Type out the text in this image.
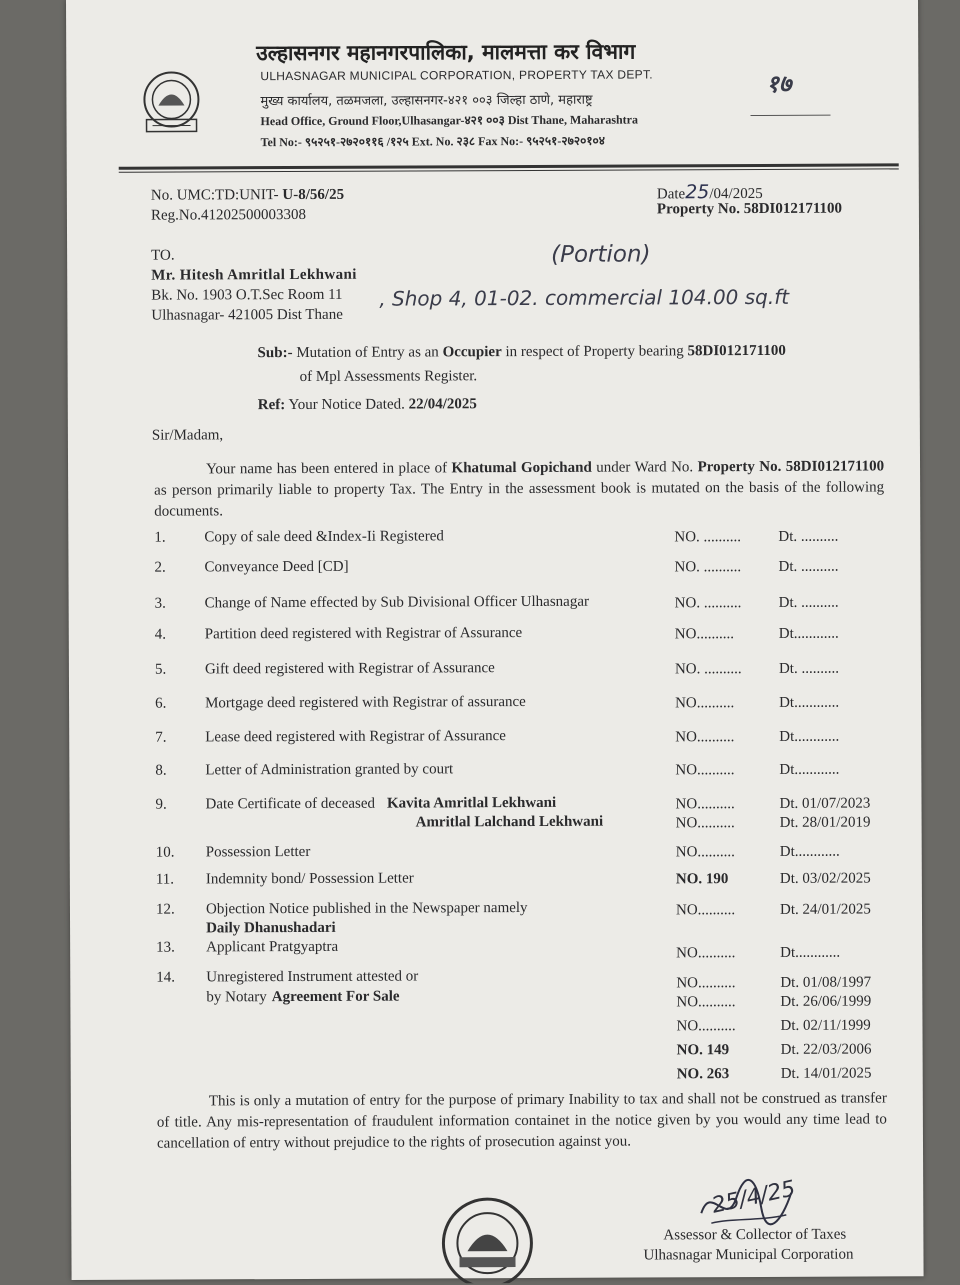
उल्हासनगर महानगरपालिका, मालमत्ता कर विभाग
ULHASNAGAR MUNICIPAL CORPORATION, PROPERTY TAX DEPT.
मुख्य कार्यालय, तळमजला, उल्हासनगर-४२१ ००३ जिल्हा ठाणे, महाराष्ट्र
Head Office, Ground Floor,Ulhasangar-४२१ ००३ Dist Thane, Maharashtra
Tel No:- ९५२५१-२७२०११६ /१२५ Ext. No. २३८ Fax No:- ९५२५१-२७२०१०४
१७
No. UMC:TD:UNIT- U-8/56/25
Reg.No.41202500003308
Date25/04/2025
Property No. 58DI012171100
TO.
Mr. Hitesh Amritlal Lekhwani
Bk. No. 1903 O.T.Sec Room 11
Ulhasnagar- 421005 Dist Thane
(Portion)
, Shop 4, 01-02. commercial 104.00 sq.ft
Sub:- Mutation of Entry as an Occupier in respect of Property bearing 58DI012171100
of Mpl Assessments Register.
Ref: Your Notice Dated. 22/04/2025
Sir/Madam,
Your name has been entered in place of Khatumal Gopichand under Ward No. Property No. 58DI012171100 as person primarily liable to property Tax. The Entry in the assessment book is mutated on the basis of the following documents.
1.	Copy of sale deed &Index-Ii Registered	NO. .......... Dt. ..........
2.	Conveyance Deed [CD]	NO. .......... Dt. ..........
3.	Change of Name effected by Sub Divisional Officer Ulhasnagar	NO. .......... Dt. ..........
4.	Partition deed registered with Registrar of Assurance	NO..........	Dt............
5.	Gift deed registered with Registrar of Assurance	NO. .......... Dt. ..........
6.	Mortgage deed registered with Registrar of assurance	NO..........	Dt............
7.	Lease deed registered with Registrar of Assurance	NO..........	Dt............
8.	Letter of Administration granted by court	NO..........	Dt............
9.	Date Certificate of deceased Kavita Amritlal Lekhwani
Amritlal Lalchand Lekhwani
NO..........	Dt. 01/07/2023
NO..........	Dt. 28/01/2019
10. Possession Letter	NO..........	Dt............
11. Indemnity bond/ Possession Letter	NO. 190	Dt. 03/02/2025
12. Objection Notice published in the Newspaper namely
Daily Dhanushadari
NO..........	Dt. 24/01/2025
13. Applicant Pratgyaptra	NO..........	Dt............
14. Unregistered Instrument attested or
by Notary Agreement For Sale
NO..........	Dt. 01/08/1997
NO..........	Dt. 26/06/1999
NO..........	Dt. 02/11/1999
NO. 149	Dt. 22/03/2006
NO. 263	Dt. 14/01/2025
This is only a mutation of entry for the purpose of primary Inability to tax and shall not be construed as transfer of title. Any mis-representation of fraudulent information containet in the notice given by you would any time lead to cancellation of entry without prejudice to the rights of prosecution against you.
25/4/25
Assessor & Collector of Taxes
Ulhasnagar Municipal Corporation
